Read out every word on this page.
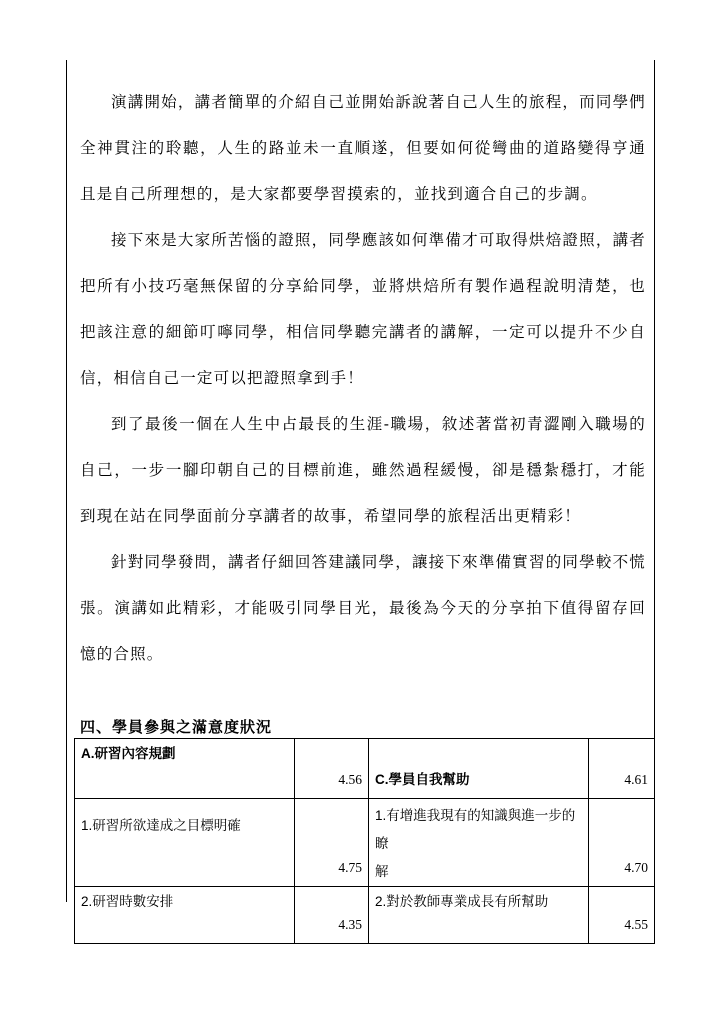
演講開始，講者簡單的介紹自己並開始訴說著自己人生的旅程，而同學們全神貫注的聆聽，人生的路並未一直順遂，但要如何從彎曲的道路變得亨通且是自己所理想的，是大家都要學習摸索的，並找到適合自己的步調。

接下來是大家所苦惱的證照，同學應該如何準備才可取得烘焙證照，講者把所有小技巧毫無保留的分享給同學，並將烘焙所有製作過程說明清楚，也把該注意的細節叮嚀同學，相信同學聽完講者的講解，一定可以提升不少自信，相信自己一定可以把證照拿到手！

到了最後一個在人生中占最長的生涯-職場，敘述著當初青澀剛入職場的自己，一步一腳印朝自己的目標前進，雖然過程緩慢，卻是穩紮穩打，才能到現在站在同學面前分享講者的故事，希望同學的旅程活出更精彩！

針對同學發問，講者仔細回答建議同學，讓接下來準備實習的同學較不慌張。演講如此精彩，才能吸引同學目光，最後為今天的分享拍下值得留存回憶的合照。

四、學員參與之滿意度狀況
A.研習內容規劃	4.56	C.學員自我幫助	4.61
1.研習所欲達成之目標明確	4.75	1.有增進我現有的知識與進一步的瞭
解	4.70
2.研習時數安排	4.35	2.對於教師專業成長有所幫助	4.55
